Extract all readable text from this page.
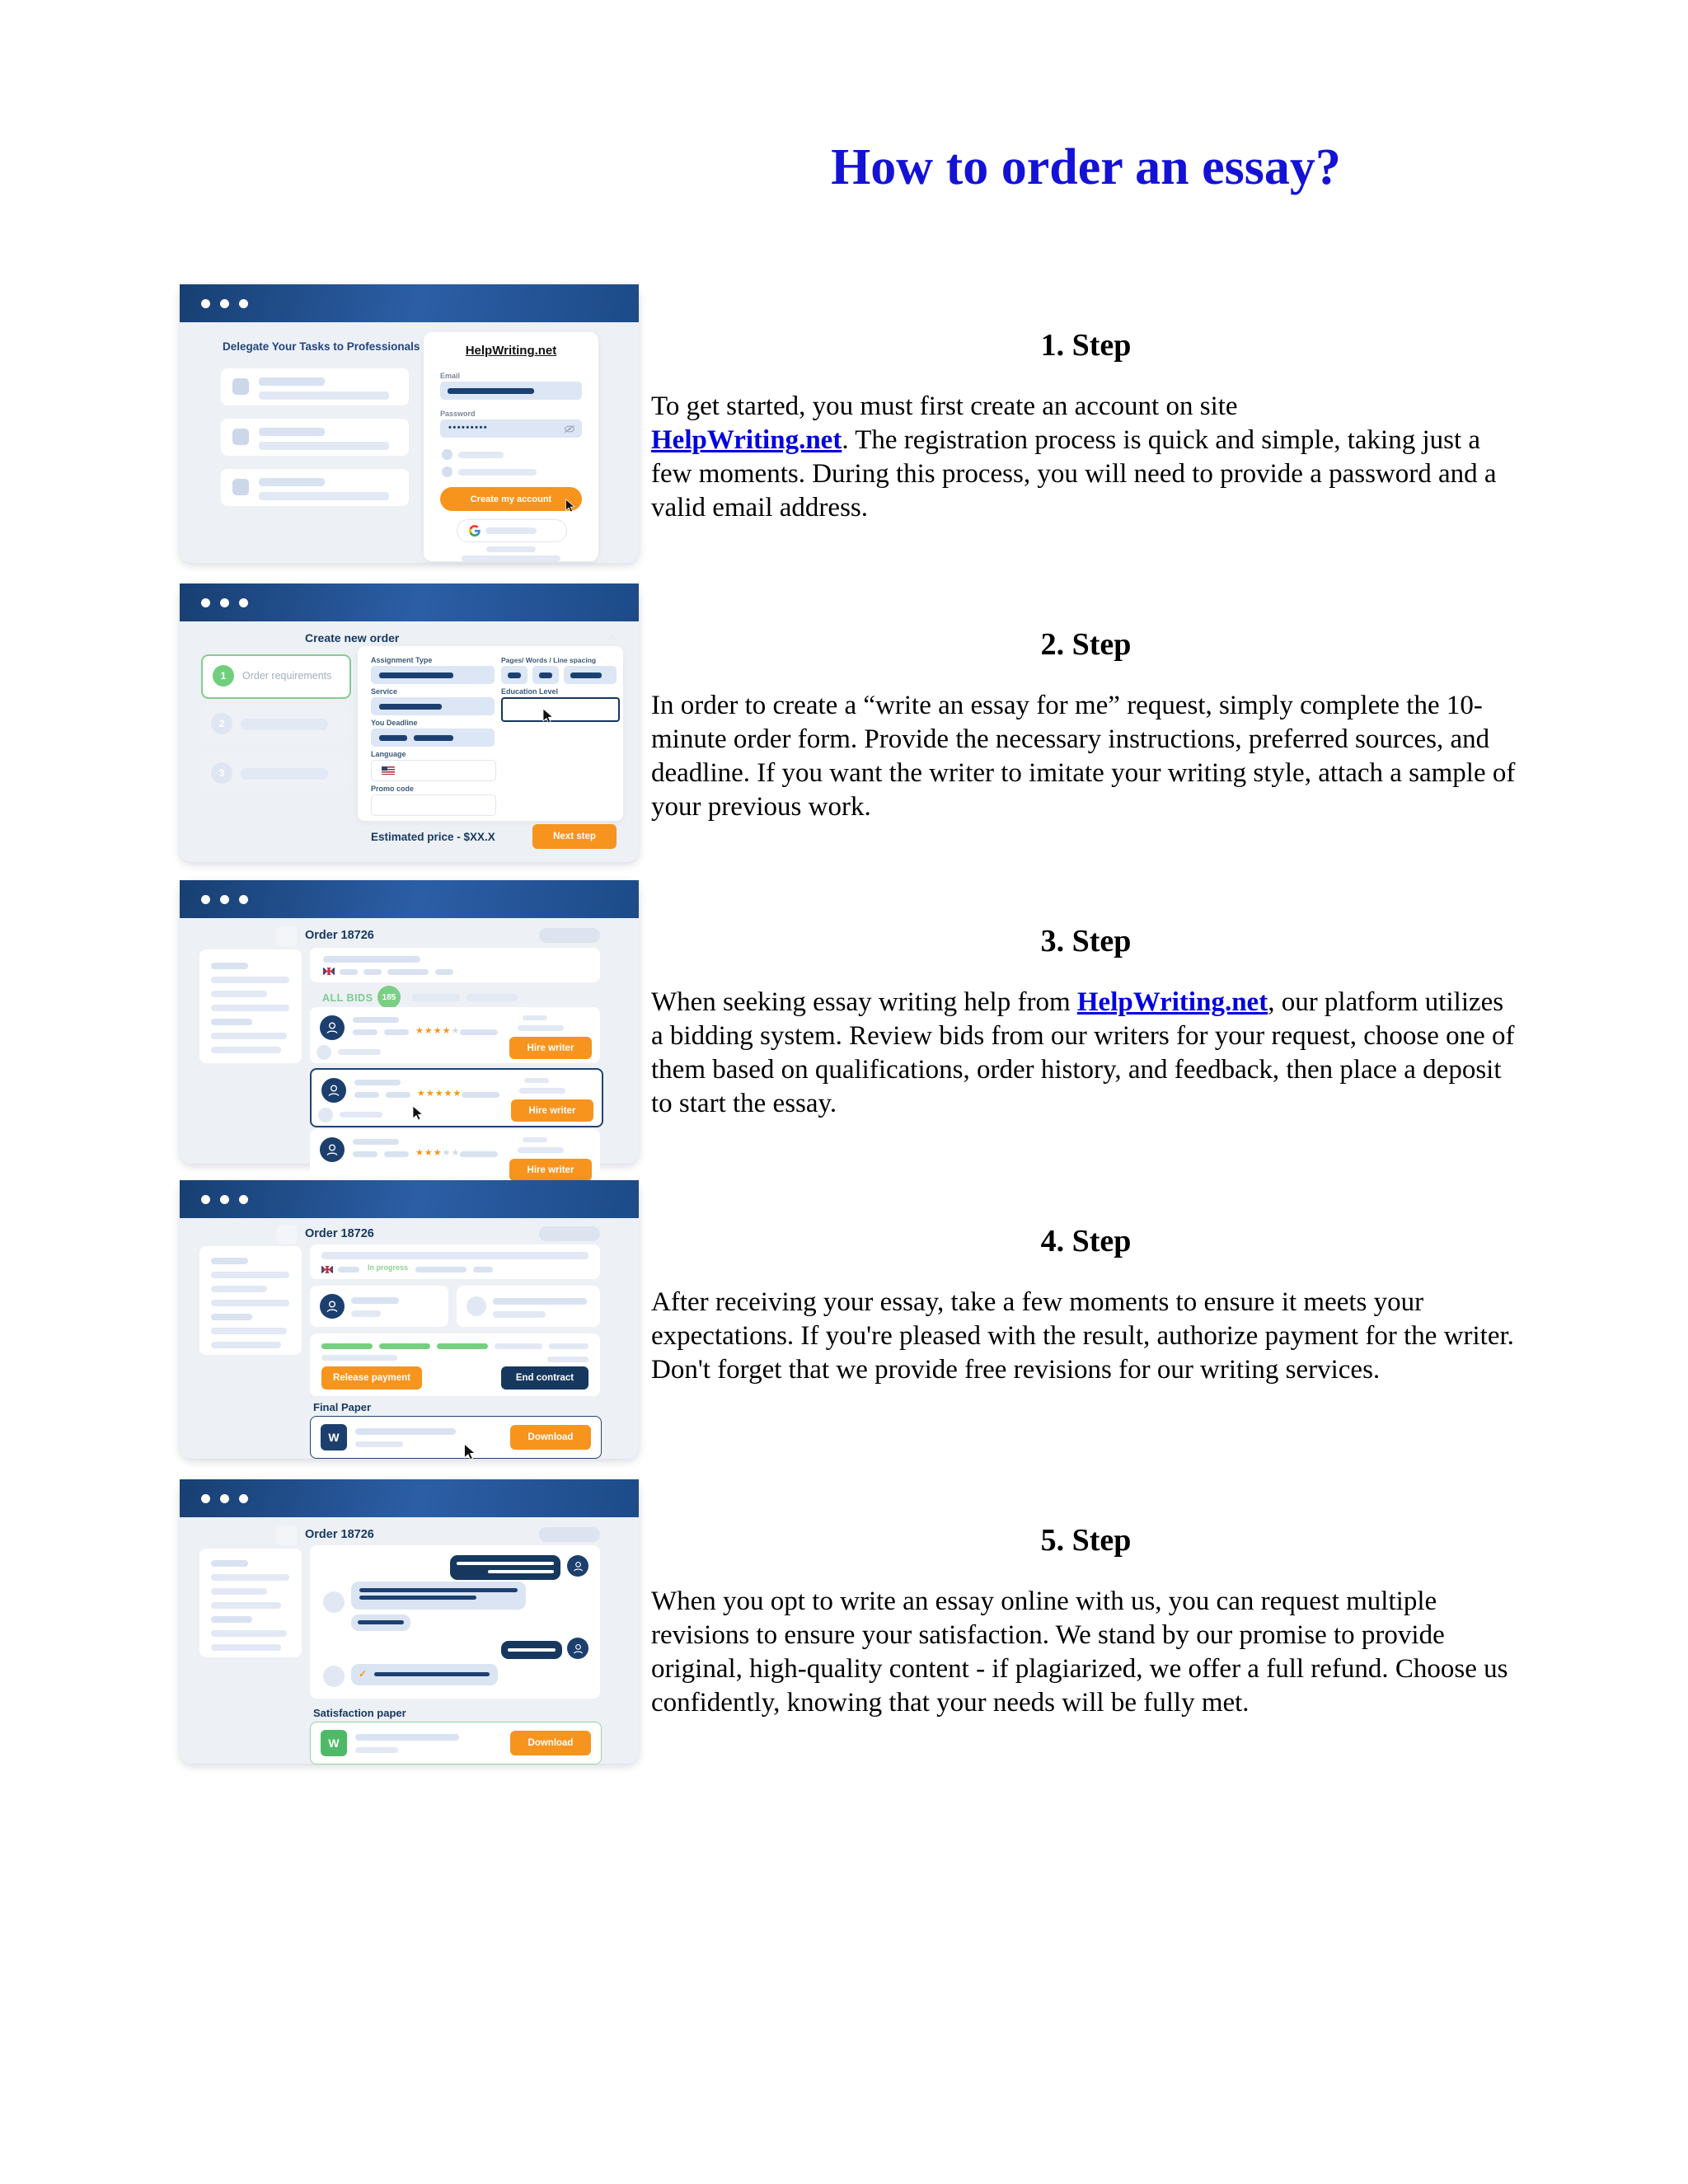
How to order an essay?
Delegate Your Tasks to Professionals	HelpWriting.net
Email
Password
•••••••••
Create my account
Create new order	✕
1	Order requirements
2
3
Assignment Type	Pages/ Words / Line spacing
Service	Education Level
You Deadline
Language
Promo code
Estimated price - $XX.X	Next step
Order 18726
ALL BIDS	185
★★★★★
Hire writer
★★★★★
Hire writer
★★★★★
Hire writer
Order 18726
In progress
Release payment	End contract
Final Paper
W	Download
Order 18726
✓
Satisfaction paper
W	Download
1. Step

To get started, you must first create an account on site
HelpWriting.net. The registration process is quick and simple, taking just a few moments. During this process, you will need to provide a password and a valid email address.

2. Step

In order to create a “write an essay for me” request, simply complete the 10-minute order form. Provide the necessary instructions, preferred sources, and deadline. If you want the writer to imitate your writing style, attach a sample of your previous work.

3. Step

When seeking essay writing help from HelpWriting.net, our platform utilizes a bidding system. Review bids from our writers for your request, choose one of them based on qualifications, order history, and feedback, then place a deposit to start the essay.

4. Step

After receiving your essay, take a few moments to ensure it meets your expectations. If you're pleased with the result, authorize payment for the writer. Don't forget that we provide free revisions for our writing services.

5. Step

When you opt to write an essay online with us, you can request multiple revisions to ensure your satisfaction. We stand by our promise to provide original, high-quality content - if plagiarized, we offer a full refund. Choose us confidently, knowing that your needs will be fully met.
